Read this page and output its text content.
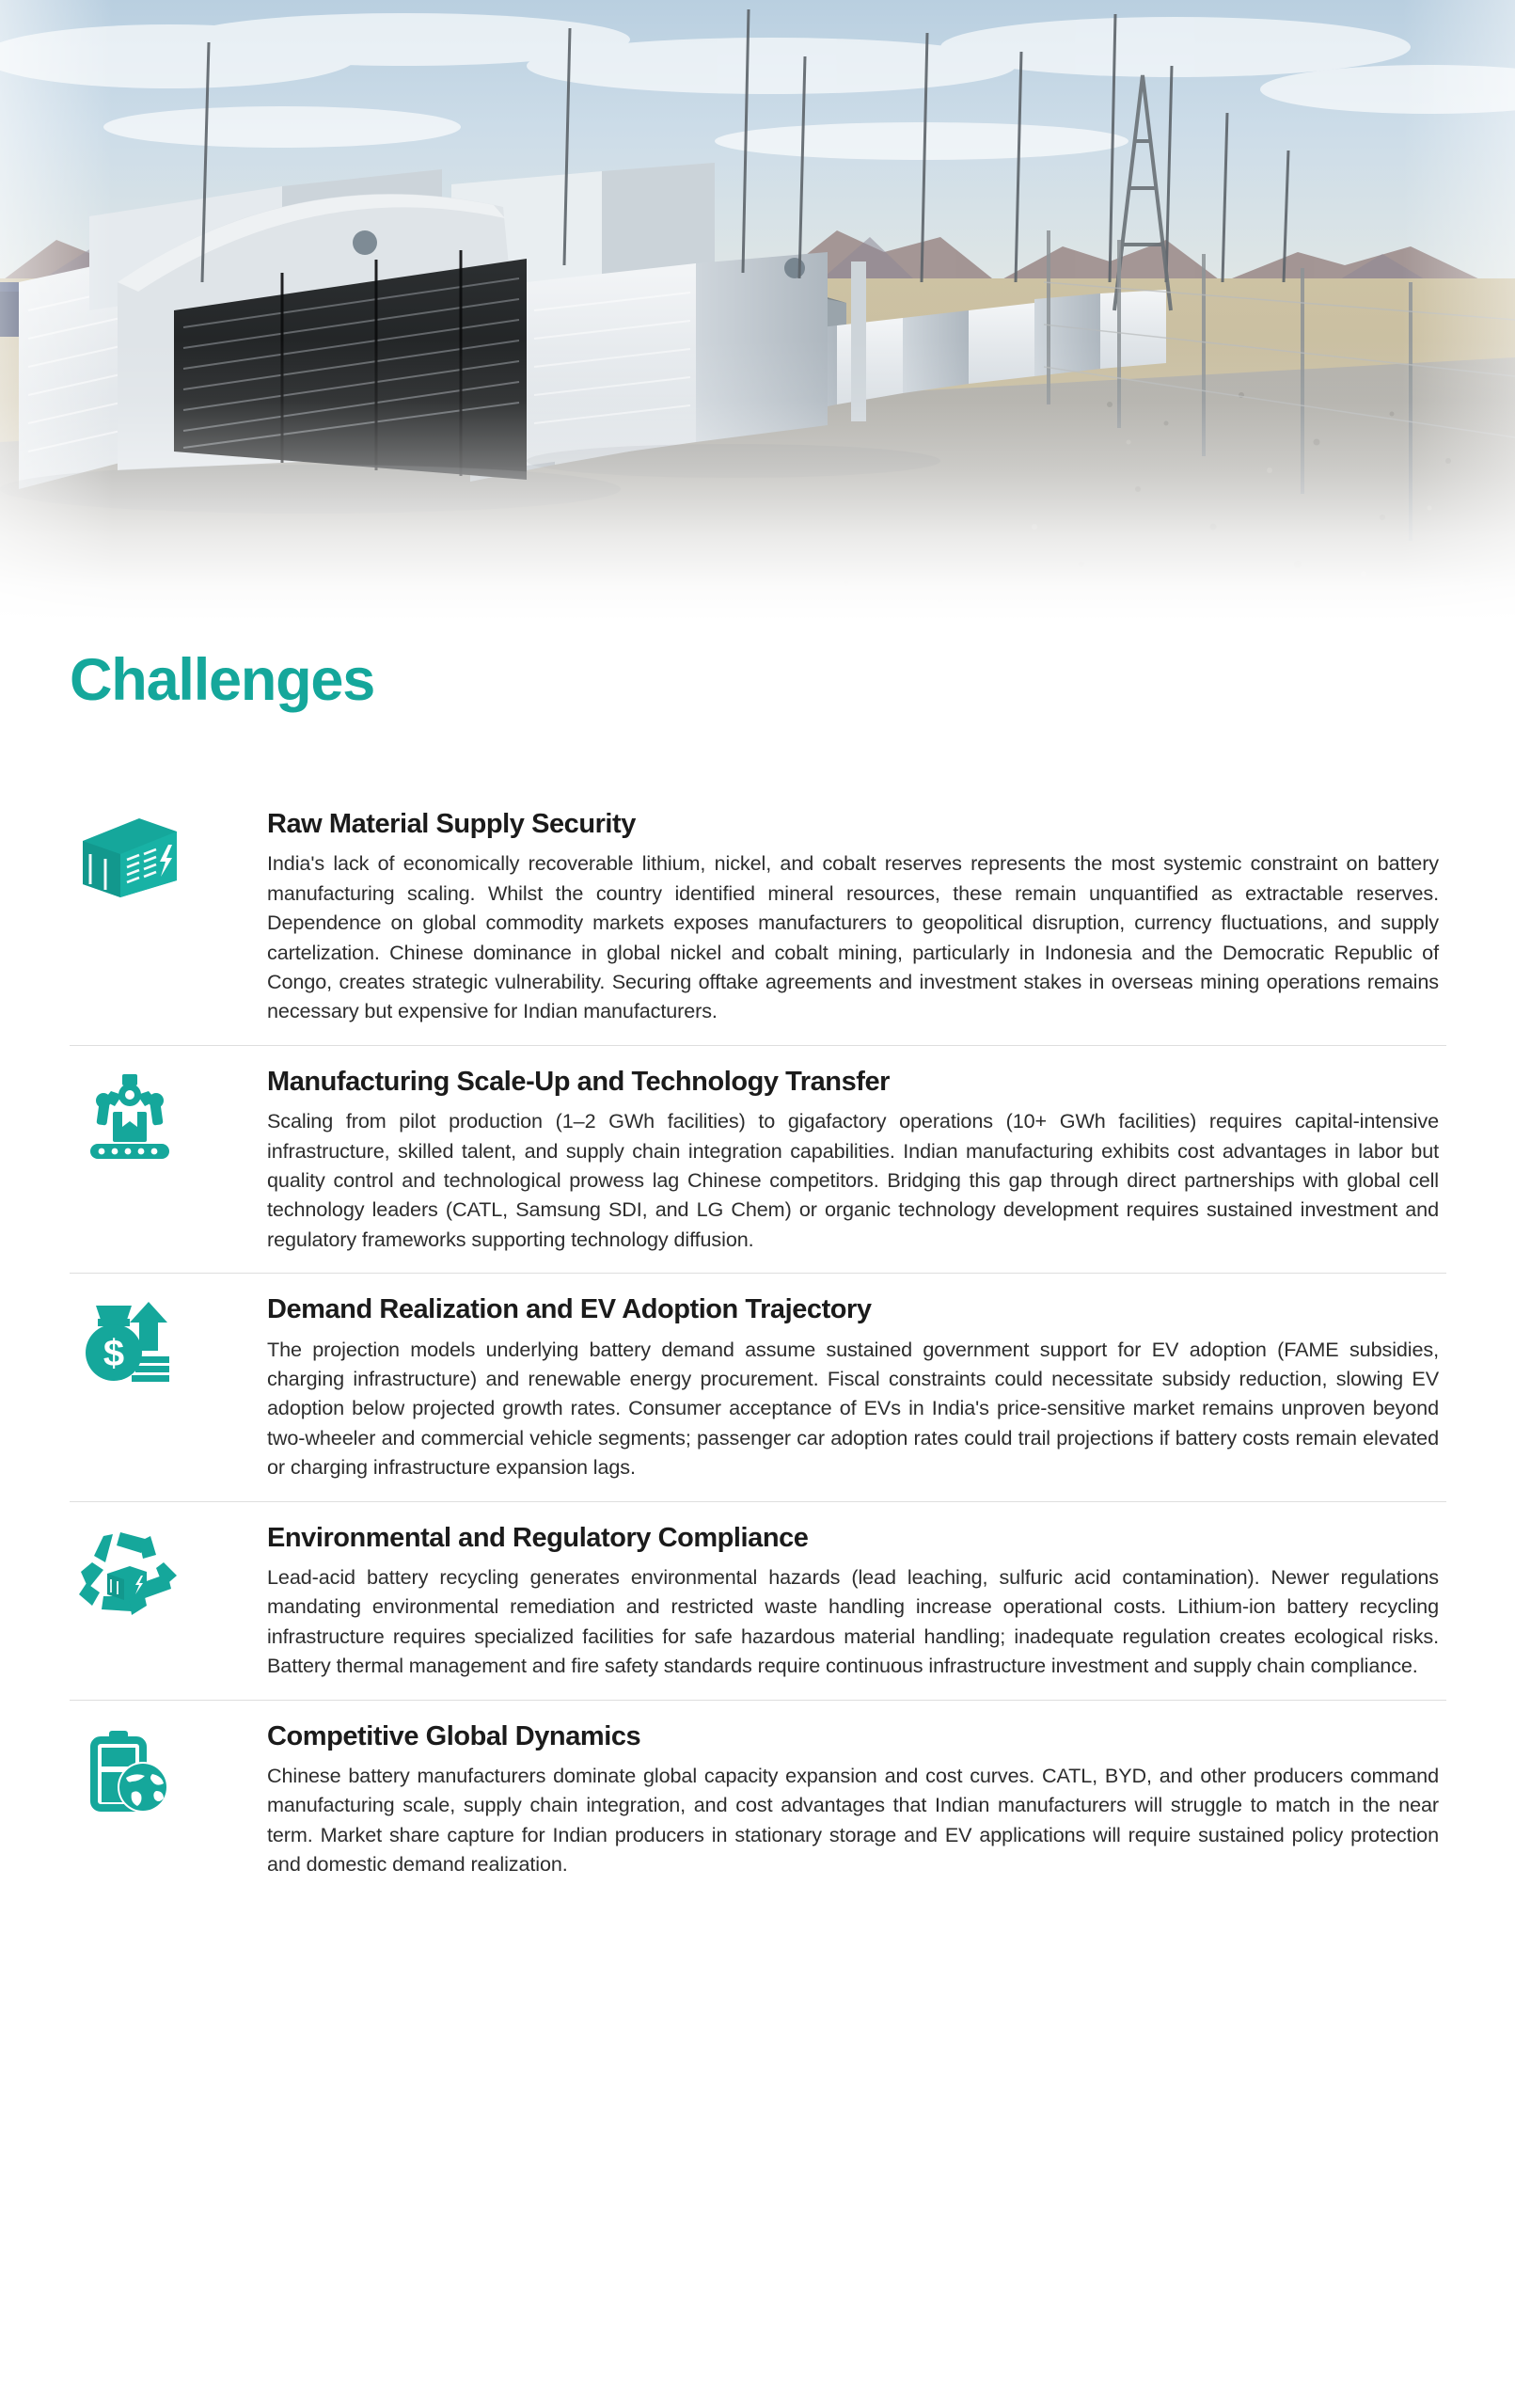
Challenges
Raw Material Supply Security
India's lack of economically recoverable lithium, nickel, and cobalt reserves represents the most systemic constraint on battery manufacturing scaling. Whilst the country identified mineral resources, these remain unquantified as extractable reserves. Dependence on global commodity markets exposes manufacturers to geopolitical disruption, currency fluctuations, and supply cartelization. Chinese dominance in global nickel and cobalt mining, particularly in Indonesia and the Democratic Republic of Congo, creates strategic vulnerability. Securing offtake agreements and investment stakes in overseas mining operations remains necessary but expensive for Indian manufacturers.
Manufacturing Scale-Up and Technology Transfer
Scaling from pilot production (1–2 GWh facilities) to gigafactory operations (10+ GWh facilities) requires capital-intensive infrastructure, skilled talent, and supply chain integration capabilities. Indian manufacturing exhibits cost advantages in labor but quality control and technological prowess lag Chinese competitors. Bridging this gap through direct partnerships with global cell technology leaders (CATL, Samsung SDI, and LG Chem) or organic technology development requires sustained investment and regulatory frameworks supporting technology diffusion.
$
Demand Realization and EV Adoption Trajectory
The projection models underlying battery demand assume sustained government support for EV adoption (FAME subsidies, charging infrastructure) and renewable energy procurement. Fiscal constraints could necessitate subsidy reduction, slowing EV adoption below projected growth rates. Consumer acceptance of EVs in India's price-sensitive market remains unproven beyond two-wheeler and commercial vehicle segments; passenger car adoption rates could trail projections if battery costs remain elevated or charging infrastructure expansion lags.
Environmental and Regulatory Compliance
Lead-acid battery recycling generates environmental hazards (lead leaching, sulfuric acid contamination). Newer regulations mandating environmental remediation and restricted waste handling increase operational costs. Lithium-ion battery recycling infrastructure requires specialized facilities for safe hazardous material handling; inadequate regulation creates ecological risks. Battery thermal management and fire safety standards require continuous infrastructure investment and supply chain compliance.
Competitive Global Dynamics
Chinese battery manufacturers dominate global capacity expansion and cost curves. CATL, BYD, and other producers command manufacturing scale, supply chain integration, and cost advantages that Indian manufacturers will struggle to match in the near term. Market share capture for Indian producers in stationary storage and EV applications will require sustained policy protection and domestic demand realization.
